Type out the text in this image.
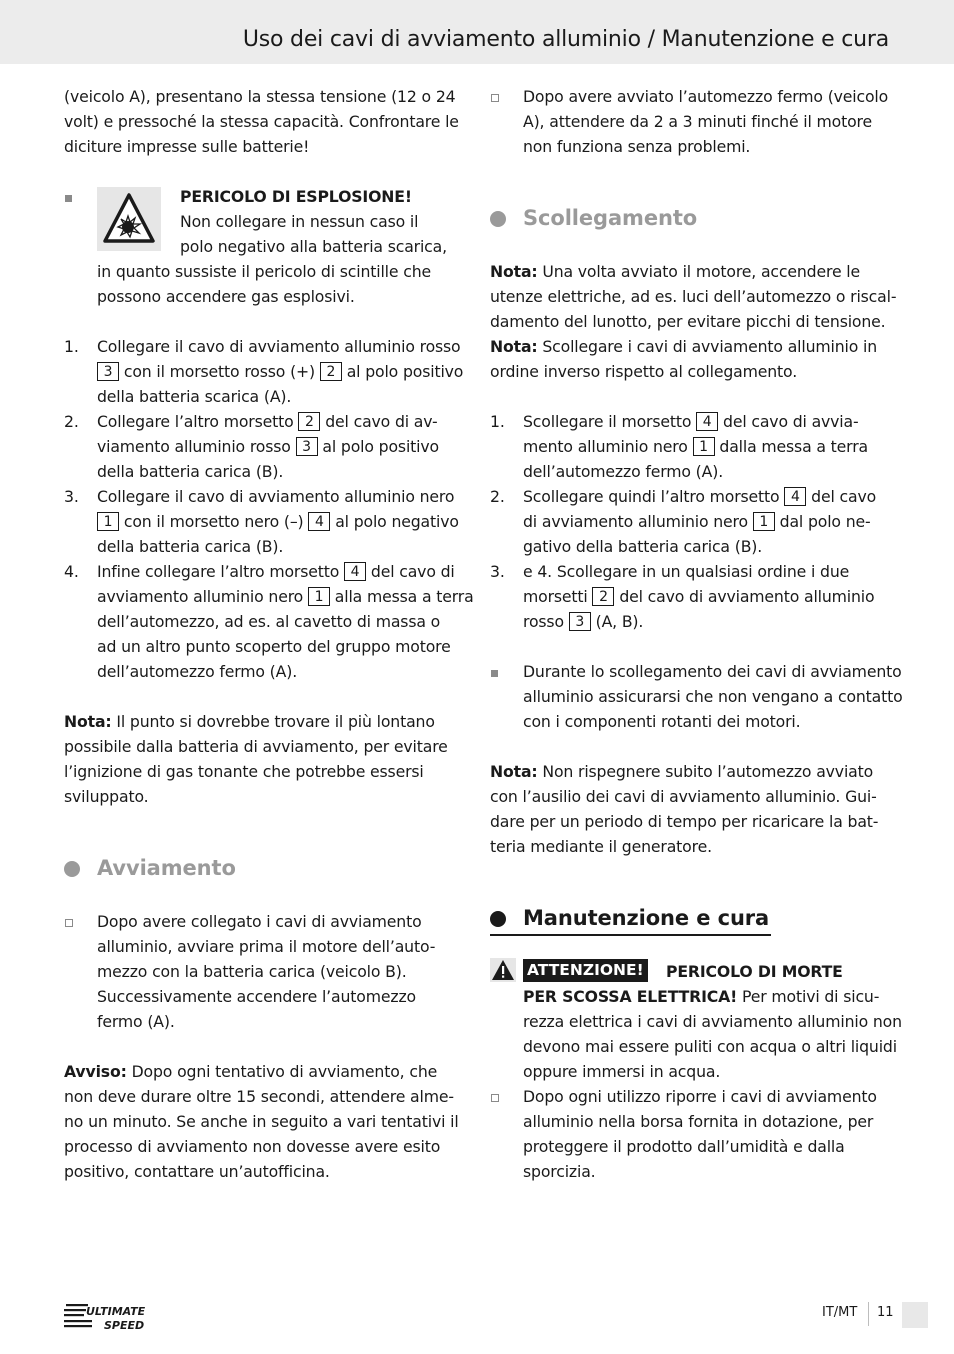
Uso dei cavi di avviamento alluminio / Manutenzione e cura
(veicolo A), presentano la stessa tensione (12 o 24
volt) e pressoché la stessa capacità. Confrontare le
diciture impresse sulle batterie!
PERICOLO DI ESPLOSIONE!
Non collegare in nessun caso il
polo negativo alla batteria scarica,
in quanto sussiste il pericolo di scintille che
possono accendere gas esplosivi.
1. Collegare il cavo di avviamento alluminio rosso
3 con il morsetto rosso (+) 2 al polo positivo
della batteria scarica (A).
2. Collegare l’altro morsetto 2 del cavo di av-
viamento alluminio rosso 3 al polo positivo
della batteria carica (B).
3. Collegare il cavo di avviamento alluminio nero
1 con il morsetto nero (–) 4 al polo negativo
della batteria carica (B).
4. Infine collegare l’altro morsetto 4 del cavo di
avviamento alluminio nero 1 alla messa a terra
dell’automezzo, ad es. al cavetto di massa o
ad un altro punto scoperto del gruppo motore
dell’automezzo fermo (A).
Nota: Il punto si dovrebbe trovare il più lontano
possibile dalla batteria di avviamento, per evitare
l’ignizione di gas tonante che potrebbe essersi
sviluppato.
Avviamento
Dopo avere collegato i cavi di avviamento
alluminio, avviare prima il motore dell’auto-
mezzo con la batteria carica (veicolo B).
Successivamente accendere l’automezzo
fermo (A).
Avviso: Dopo ogni tentativo di avviamento, che
non deve durare oltre 15 secondi, attendere alme-
no un minuto. Se anche in seguito a vari tentativi il
processo di avviamento non dovesse avere esito
positivo, contattare un’autofficina.
Dopo avere avviato l’automezzo fermo (veicolo
A), attendere da 2 a 3 minuti finché il motore
non funziona senza problemi.
Scollegamento
Nota: Una volta avviato il motore, accendere le
utenze elettriche, ad es. luci dell’automezzo o riscal-
damento del lunotto, per evitare picchi di tensione.
Nota: Scollegare i cavi di avviamento alluminio in
ordine inverso rispetto al collegamento.
1. Scollegare il morsetto 4 del cavo di avvia-
mento alluminio nero 1 dalla messa a terra
dell’automezzo fermo (A).
2. Scollegare quindi l’altro morsetto 4 del cavo
di avviamento alluminio nero 1 dal polo ne-
gativo della batteria carica (B).
3. e 4. Scollegare in un qualsiasi ordine i due
morsetti 2 del cavo di avviamento alluminio
rosso 3 (A, B).
Durante lo scollegamento dei cavi di avviamento
alluminio assicurarsi che non vengano a contatto
con i componenti rotanti dei motori.
Nota: Non rispegnere subito l’automezzo avviato
con l’ausilio dei cavi di avviamento alluminio. Gui-
dare per un periodo di tempo per ricaricare la bat-
teria mediante il generatore.
Manutenzione e cura
ATTENZIONE! PERICOLO DI MORTE
PER SCOSSA ELETTRICA! Per motivi di sicu-
rezza elettrica i cavi di avviamento alluminio non
devono mai essere puliti con acqua o altri liquidi
oppure immersi in acqua.
Dopo ogni utilizzo riporre i cavi di avviamento
alluminio nella borsa fornita in dotazione, per
proteggere il prodotto dall’umidità e dalla
sporcizia.
ULTIMATE
SPEED
IT/MT 11
